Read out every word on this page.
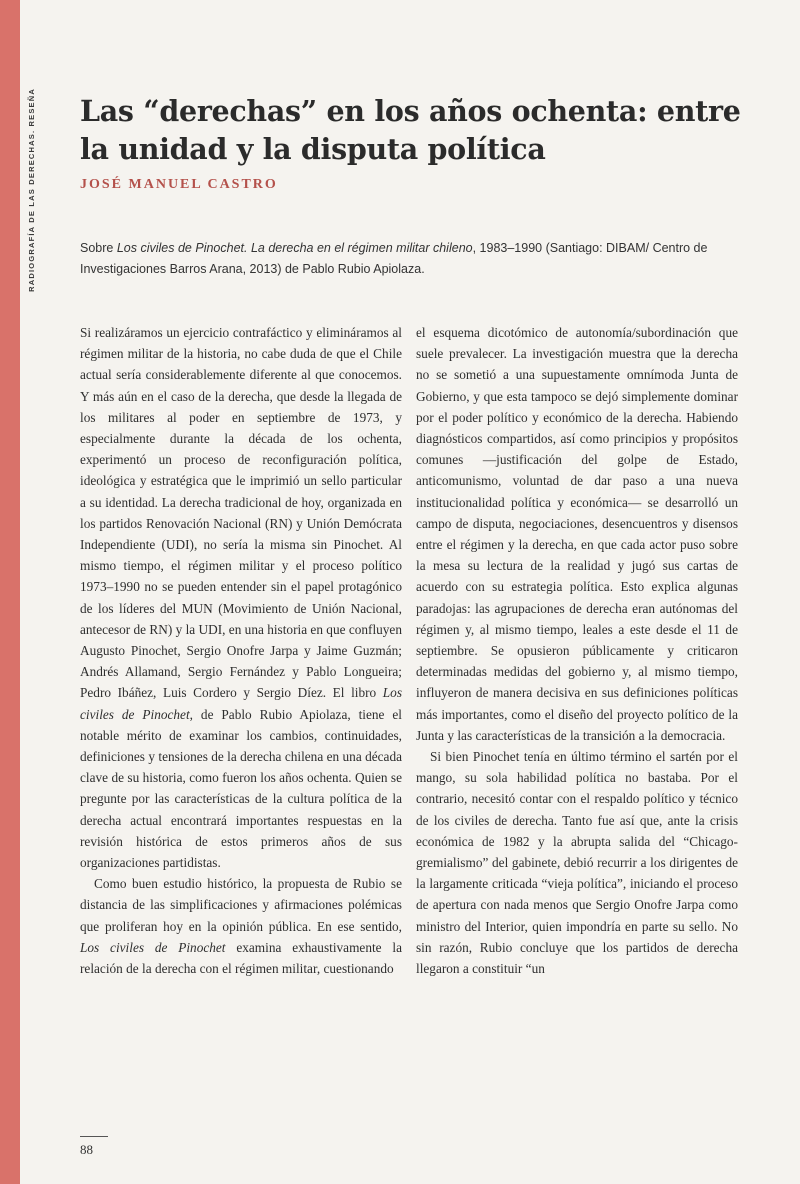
RADIOGRAFÍA DE LAS DERECHAS. RESEÑA Las “derechas” en los años ochenta: entre la unidad y la disputa política

JOSÉ MANUEL CASTRO

Sobre Los civiles de Pinochet. La derecha en el régimen militar chileno, 1983–1990 (Santiago: DIBAM/ Centro de Investigaciones Barros Arana, 2013) de Pablo Rubio Apiolaza.

Si realizáramos un ejercicio contrafáctico y elimináramos al régimen militar de la historia, no cabe duda de que el Chile actual sería considerablemente diferente al que conocemos. Y más aún en el caso de la derecha, que desde la llegada de los militares al poder en septiembre de 1973, y especialmente durante la década de los ochenta, experimentó un proceso de reconfiguración política, ideológica y estratégica que le imprimió un sello particular a su identidad. La derecha tradicional de hoy, organizada en los partidos Renovación Nacional (RN) y Unión Demócrata Independiente (UDI), no sería la misma sin Pinochet. Al mismo tiempo, el régimen militar y el proceso político 1973–1990 no se pueden entender sin el papel protagónico de los líderes del MUN (Movimiento de Unión Nacional, antecesor de RN) y la UDI, en una historia en que confluyen Augusto Pinochet, Sergio Onofre Jarpa y Jaime Guzmán; Andrés Allamand, Sergio Fernández y Pablo Longueira; Pedro Ibáñez, Luis Cordero y Sergio Díez. El libro Los civiles de Pinochet, de Pablo Rubio Apiolaza, tiene el notable mérito de examinar los cambios, continuidades, definiciones y tensiones de la derecha chilena en una década clave de su historia, como fueron los años ochenta. Quien se pregunte por las características de la cultura política de la derecha actual encontrará importantes respuestas en la revisión histórica de estos primeros años de sus organizaciones partidistas.

Como buen estudio histórico, la propuesta de Rubio se distancia de las simplificaciones y afirmaciones polémicas que proliferan hoy en la opinión pública. En ese sentido, Los civiles de Pinochet examina exhaustivamente la relación de la derecha con el régimen militar, cuestionando

el esquema dicotómico de autonomía/subordinación que suele prevalecer. La investigación muestra que la derecha no se sometió a una supuestamente omnímoda Junta de Gobierno, y que esta tampoco se dejó simplemente dominar por el poder político y económico de la derecha. Habiendo diagnósticos compartidos, así como principios y propósitos comunes —justificación del golpe de Estado, anticomunismo, voluntad de dar paso a una nueva institucionalidad política y económica— se desarrolló un campo de disputa, negociaciones, desencuentros y disensos entre el régimen y la derecha, en que cada actor puso sobre la mesa su lectura de la realidad y jugó sus cartas de acuerdo con su estrategia política. Esto explica algunas paradojas: las agrupaciones de derecha eran autónomas del régimen y, al mismo tiempo, leales a este desde el 11 de septiembre. Se opusieron públicamente y criticaron determinadas medidas del gobierno y, al mismo tiempo, influyeron de manera decisiva en sus definiciones políticas más importantes, como el diseño del proyecto político de la Junta y las características de la transición a la democracia.

Si bien Pinochet tenía en último término el sartén por el mango, su sola habilidad política no bastaba. Por el contrario, necesitó contar con el respaldo político y técnico de los civiles de derecha. Tanto fue así que, ante la crisis económica de 1982 y la abrupta salida del “Chicago-gremialismo” del gabinete, debió recurrir a los dirigentes de la largamente criticada “vieja política”, iniciando el proceso de apertura con nada menos que Sergio Onofre Jarpa como ministro del Interior, quien impondría en parte su sello. No sin razón, Rubio concluye que los partidos de derecha llegaron a constituir “un

88
